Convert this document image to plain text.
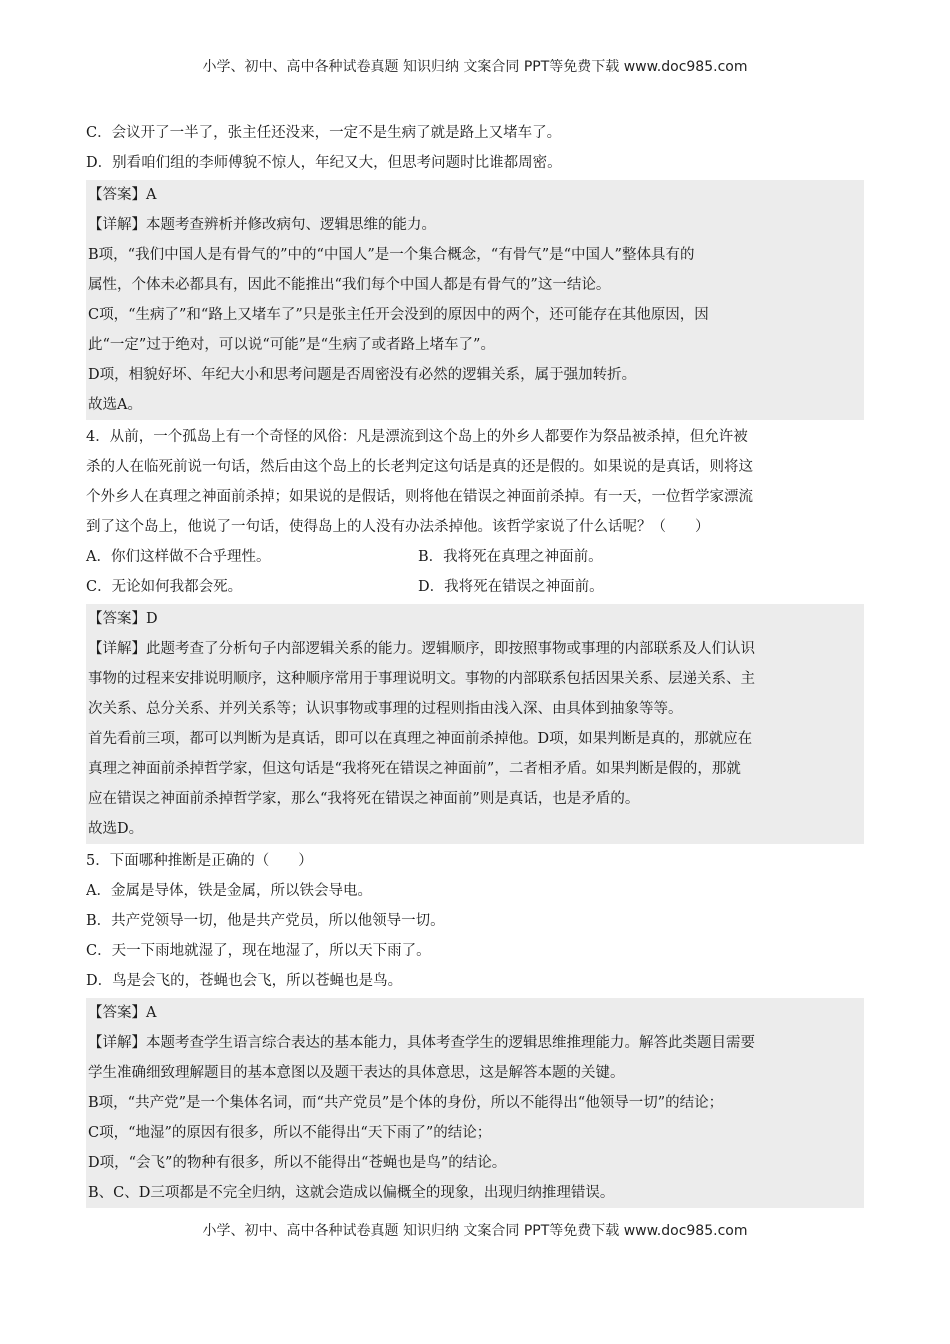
小学、初中、高中各种试卷真题 知识归纳 文案合同 PPT等免费下载 www.doc985.com
C．会议开了一半了，张主任还没来，一定不是生病了就是路上又堵车了。
D．别看咱们组的李师傅貌不惊人，年纪又大，但思考问题时比谁都周密。
【答案】A
【详解】本题考查辨析并修改病句、逻辑思维的能力。
B项，“我们中国人是有骨气的”中的“中国人”是一个集合概念，“有骨气”是“中国人”整体具有的
属性，个体未必都具有，因此不能推出“我们每个中国人都是有骨气的”这一结论。
C项，“生病了”和“路上又堵车了”只是张主任开会没到的原因中的两个，还可能存在其他原因，因
此“一定”过于绝对，可以说“可能”是“生病了或者路上堵车了”。
D项，相貌好坏、年纪大小和思考问题是否周密没有必然的逻辑关系，属于强加转折。
故选A。
4．从前，一个孤岛上有一个奇怪的风俗：凡是漂流到这个岛上的外乡人都要作为祭品被杀掉，但允许被
杀的人在临死前说一句话，然后由这个岛上的长老判定这句话是真的还是假的。如果说的是真话，则将这
个外乡人在真理之神面前杀掉；如果说的是假话，则将他在错误之神面前杀掉。有一天，一位哲学家漂流
到了这个岛上，他说了一句话，使得岛上的人没有办法杀掉他。该哲学家说了什么话呢？（　　）
A．你们这样做不合乎理性。	B．我将死在真理之神面前。
C．无论如何我都会死。	D．我将死在错误之神面前。
【答案】D
【详解】此题考查了分析句子内部逻辑关系的能力。逻辑顺序，即按照事物或事理的内部联系及人们认识
事物的过程来安排说明顺序，这种顺序常用于事理说明文。事物的内部联系包括因果关系、层递关系、主
次关系、总分关系、并列关系等；认识事物或事理的过程则指由浅入深、由具体到抽象等等。
首先看前三项，都可以判断为是真话，即可以在真理之神面前杀掉他。D项，如果判断是真的，那就应在
真理之神面前杀掉哲学家，但这句话是“我将死在错误之神面前”，二者相矛盾。如果判断是假的，那就
应在错误之神面前杀掉哲学家，那么“我将死在错误之神面前”则是真话，也是矛盾的。
故选D。
5．下面哪种推断是正确的（　　）
A．金属是导体，铁是金属，所以铁会导电。
B．共产党领导一切，他是共产党员，所以他领导一切。
C．天一下雨地就湿了，现在地湿了，所以天下雨了。
D．鸟是会飞的，苍蝇也会飞，所以苍蝇也是鸟。
【答案】A
【详解】本题考查学生语言综合表达的基本能力，具体考查学生的逻辑思维推理能力。解答此类题目需要
学生准确细致理解题目的基本意图以及题干表达的具体意思，这是解答本题的关键。
B项，“共产党”是一个集体名词，而“共产党员”是个体的身份，所以不能得出“他领导一切”的结论；
C项，“地湿”的原因有很多，所以不能得出“天下雨了”的结论；
D项，“会飞”的物种有很多，所以不能得出“苍蝇也是鸟”的结论。
B、C、D三项都是不完全归纳，这就会造成以偏概全的现象，出现归纳推理错误。
小学、初中、高中各种试卷真题 知识归纳 文案合同 PPT等免费下载 www.doc985.com
